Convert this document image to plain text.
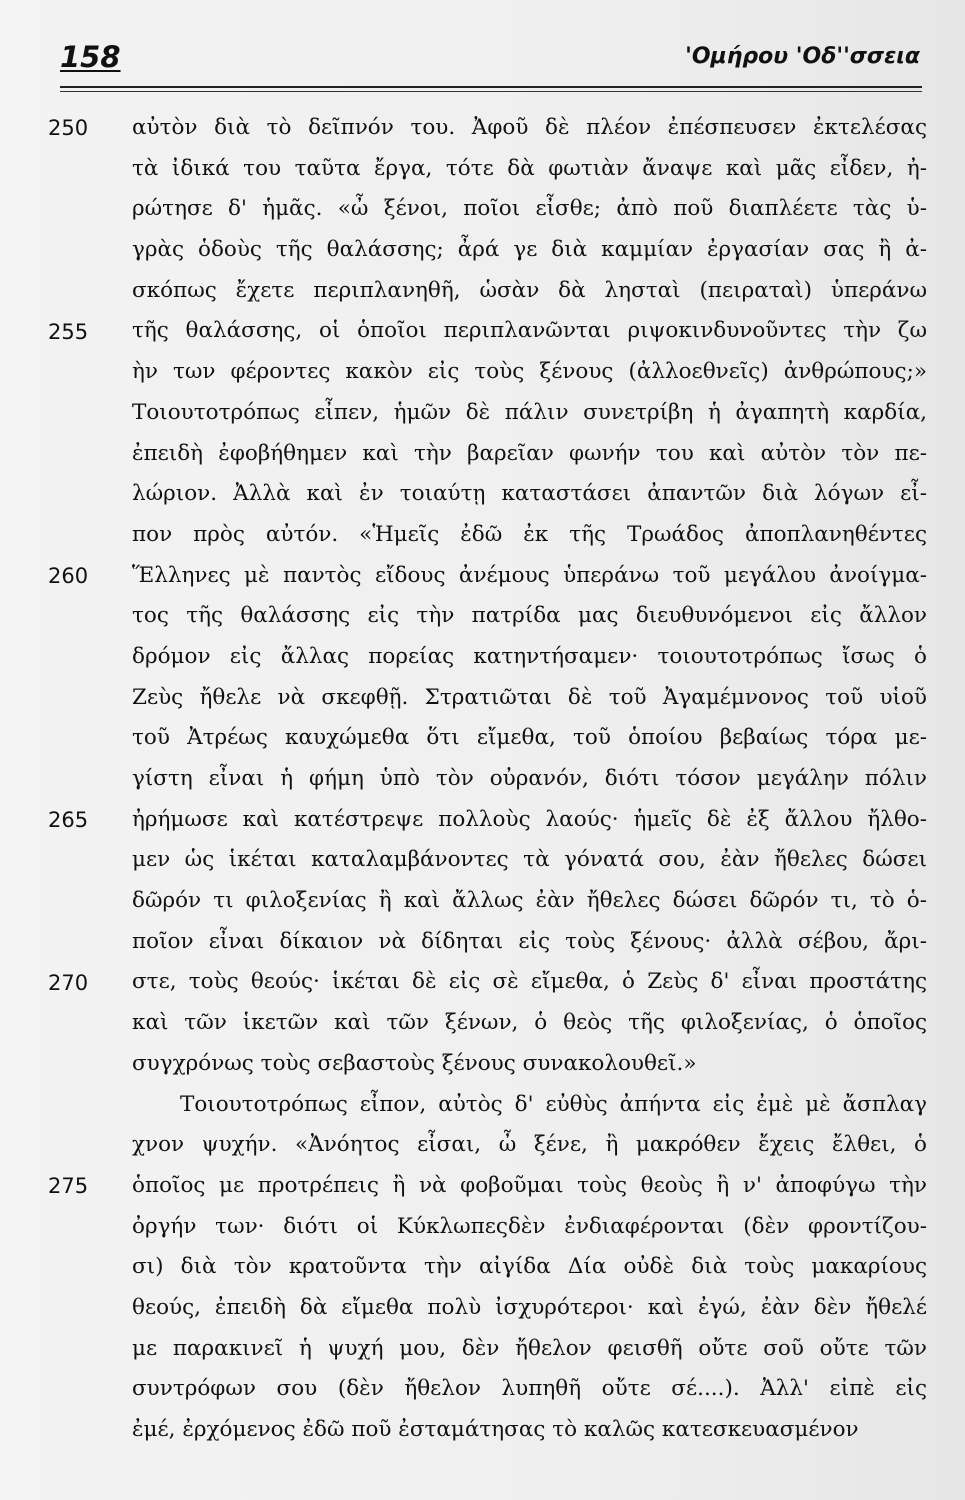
158	'Ομήρου 'Οδ''σσεια
250
255
260
265
270
275
αὐτὸν διὰ τὸ δεῖπνόν του. Ἀφοῦ δὲ πλέον ἐπέσπευσεν ἐκτελέσας
τὰ ἰδικά του ταῦτα ἔργα, τότε δὰ φωτιὰν ἄναψε καὶ μᾶς εἶδεν, ἠ-
ρώτησε δ' ἡμᾶς. «ὦ ξένοι, ποῖοι εἶσθε; ἀπὸ ποῦ διαπλέετε τὰς ὑ-
γρὰς ὁδοὺς τῆς θαλάσσης; ἆρά γε διὰ καμμίαν ἐργασίαν σας ἢ ἀ-
σκόπως ἔχετε περιπλανηθῆ, ὡσὰν δὰ λησταὶ (πειραταὶ) ὑπεράνω
τῆς θαλάσσης, οἱ ὁποῖοι περιπλανῶνται ριψοκινδυνοῦντες τὴν ζω
ὴν των φέροντες κακὸν εἰς τοὺς ξένους (ἀλλοεθνεῖς) ἀνθρώπους;»
Τοιουτοτρόπως εἶπεν, ἡμῶν δὲ πάλιν συνετρίβη ἡ ἀγαπητὴ καρδία,
ἐπειδὴ ἐφοβήθημεν καὶ τὴν βαρεῖαν φωνήν του καὶ αὐτὸν τὸν πε-
λώριον. Ἀλλὰ καὶ ἐν τοιαύτῃ καταστάσει ἀπαντῶν διὰ λόγων εἶ-
πον πρὸς αὐτόν. «Ἡμεῖς ἐδῶ ἐκ τῆς Τρωάδος ἀποπλανηθέντες
Ἕλληνες μὲ παντὸς εἴδους ἀνέμους ὑπεράνω τοῦ μεγάλου ἀνοίγμα-
τος τῆς θαλάσσης εἰς τὴν πατρίδα μας διευθυνόμενοι εἰς ἄλλον
δρόμον εἰς ἄλλας πορείας κατηντήσαμεν· τοιουτοτρόπως ἴσως ὁ
Ζεὺς ἤθελε νὰ σκεφθῇ. Στρατιῶται δὲ τοῦ Ἀγαμέμνονος τοῦ υἱοῦ
τοῦ Ἀτρέως καυχώμεθα ὅτι εἴμεθα, τοῦ ὁποίου βεβαίως τόρα με-
γίστη εἶναι ἡ φήμη ὑπὸ τὸν οὐρανόν, διότι τόσον μεγάλην πόλιν
ἠρήμωσε καὶ κατέστρεψε πολλοὺς λαούς· ἡμεῖς δὲ ἐξ ἄλλου ἤλθο-
μεν ὡς ἱκέται καταλαμβάνοντες τὰ γόνατά σου, ἐὰν ἤθελες δώσει
δῶρόν τι φιλοξενίας ἢ καὶ ἄλλως ἐὰν ἤθελες δώσει δῶρόν τι, τὸ ὁ-
ποῖον εἶναι δίκαιον νὰ δίδηται εἰς τοὺς ξένους· ἀλλὰ σέβου, ἄρι-
στε, τοὺς θεούς· ἱκέται δὲ εἰς σὲ εἴμεθα, ὁ Ζεὺς δ' εἶναι προστάτης
καὶ τῶν ἱκετῶν καὶ τῶν ξένων, ὁ θεὸς τῆς φιλοξενίας, ὁ ὁποῖος
συγχρόνως τοὺς σεβαστοὺς ξένους συνακολουθεῖ.»
Τοιουτοτρόπως εἶπον, αὐτὸς δ' εὐθὺς ἀπήντα εἰς ἐμὲ μὲ ἄσπλαγ
χνον ψυχήν. «Ἀνόητος εἶσαι, ὦ ξένε, ἢ μακρόθεν ἔχεις ἔλθει, ὁ
ὁποῖος με προτρέπεις ἢ νὰ φοβοῦμαι τοὺς θεοὺς ἢ ν' ἀποφύγω τὴν
ὀργήν των· διότι οἱ Κύκλωπεςδὲν ἐνδιαφέρονται (δὲν φροντίζου-
σι) διὰ τὸν κρατοῦντα τὴν αἰγίδα Δία οὐδὲ διὰ τοὺς μακαρίους
θεούς, ἐπειδὴ δὰ εἴμεθα πολὺ ἰσχυρότεροι· καὶ ἐγώ, ἐὰν δὲν ἤθελέ
με παρακινεῖ ἡ ψυχή μου, δὲν ἤθελον φεισθῆ οὔτε σοῦ οὔτε τῶν
συντρόφων σου (δὲν ἤθελον λυπηθῆ οὔτε σέ....). Ἀλλ' εἰπὲ εἰς
ἐμέ, ἐρχόμενος ἐδῶ ποῦ ἐσταμάτησας τὸ καλῶς κατεσκευασμένον
